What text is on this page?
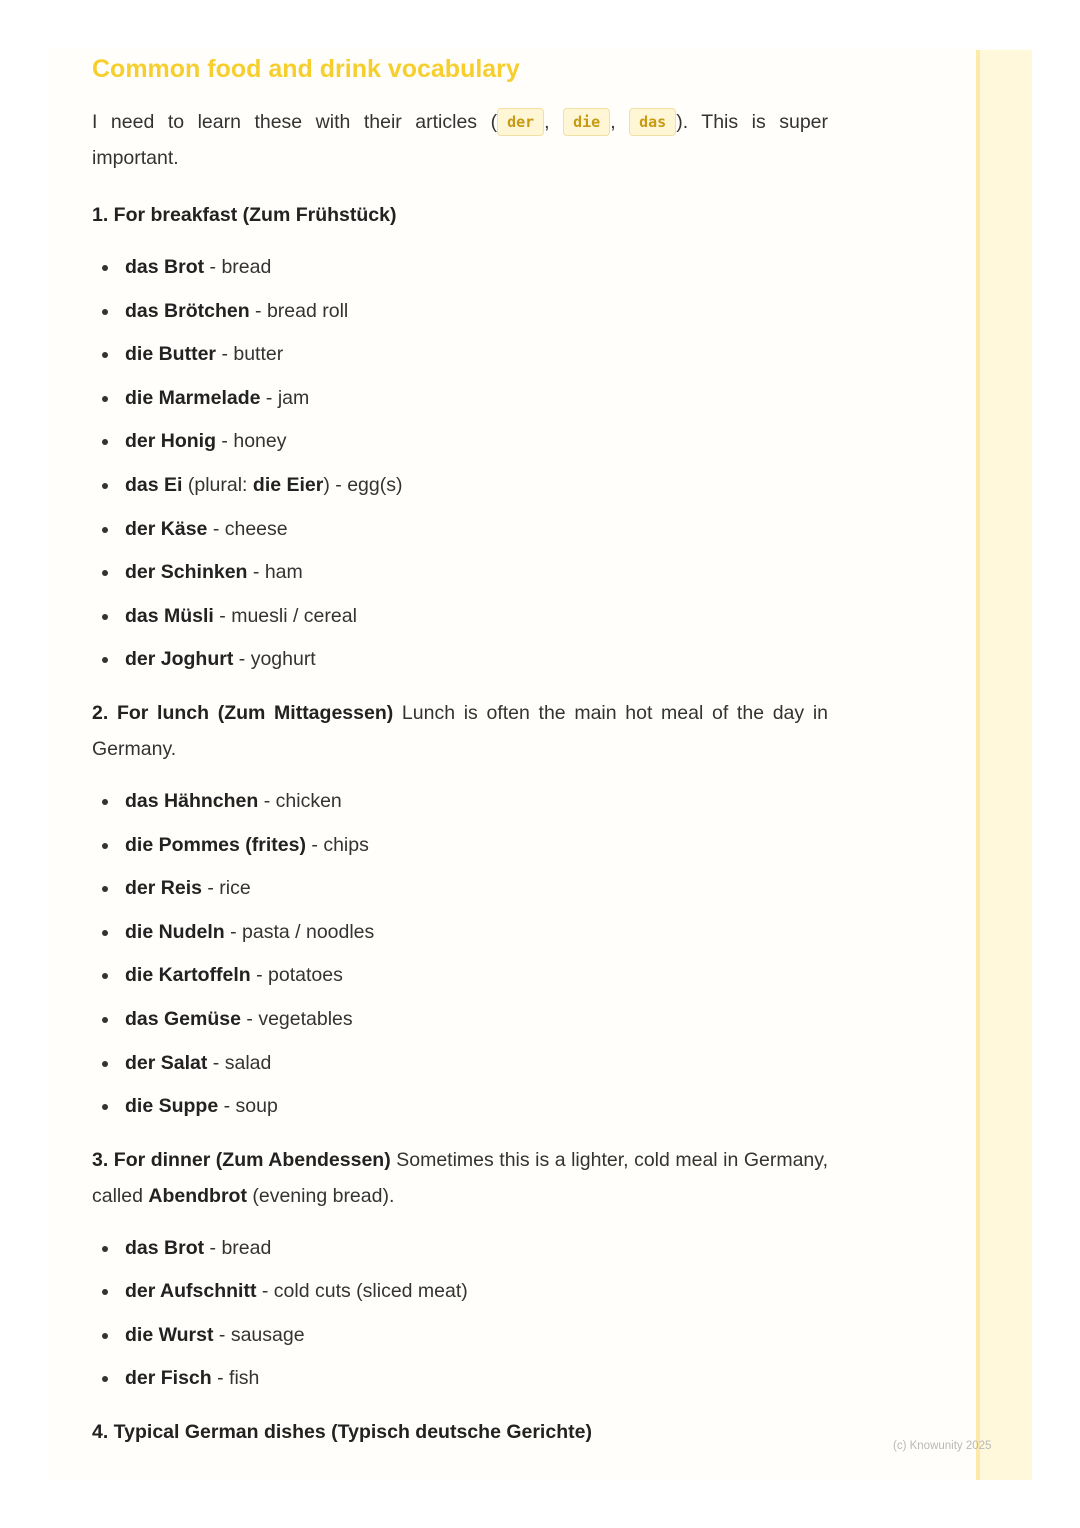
Common food and drink vocabulary

I need to learn these with their articles ( der , die , das ). This is super important.

1. For breakfast (Zum Frühstück)
das Brot - bread
das Brötchen - bread roll
die Butter - butter
die Marmelade - jam
der Honig - honey
das Ei (plural: die Eier) - egg(s)
der Käse - cheese
der Schinken - ham
das Müsli - muesli / cereal
der Joghurt - yoghurt
2. For lunch (Zum Mittagessen) Lunch is often the main hot meal of the day in Germany.
das Hähnchen - chicken
die Pommes (frites) - chips
der Reis - rice
die Nudeln - pasta / noodles
die Kartoffeln - potatoes
das Gemüse - vegetables
der Salat - salad
die Suppe - soup
3. For dinner (Zum Abendessen) Sometimes this is a lighter, cold meal in Germany, called Abendbrot (evening bread).
das Brot - bread
der Aufschnitt - cold cuts (sliced meat)
die Wurst - sausage
der Fisch - fish
4. Typical German dishes (Typisch deutsche Gerichte)
(c) Knowunity 2025
